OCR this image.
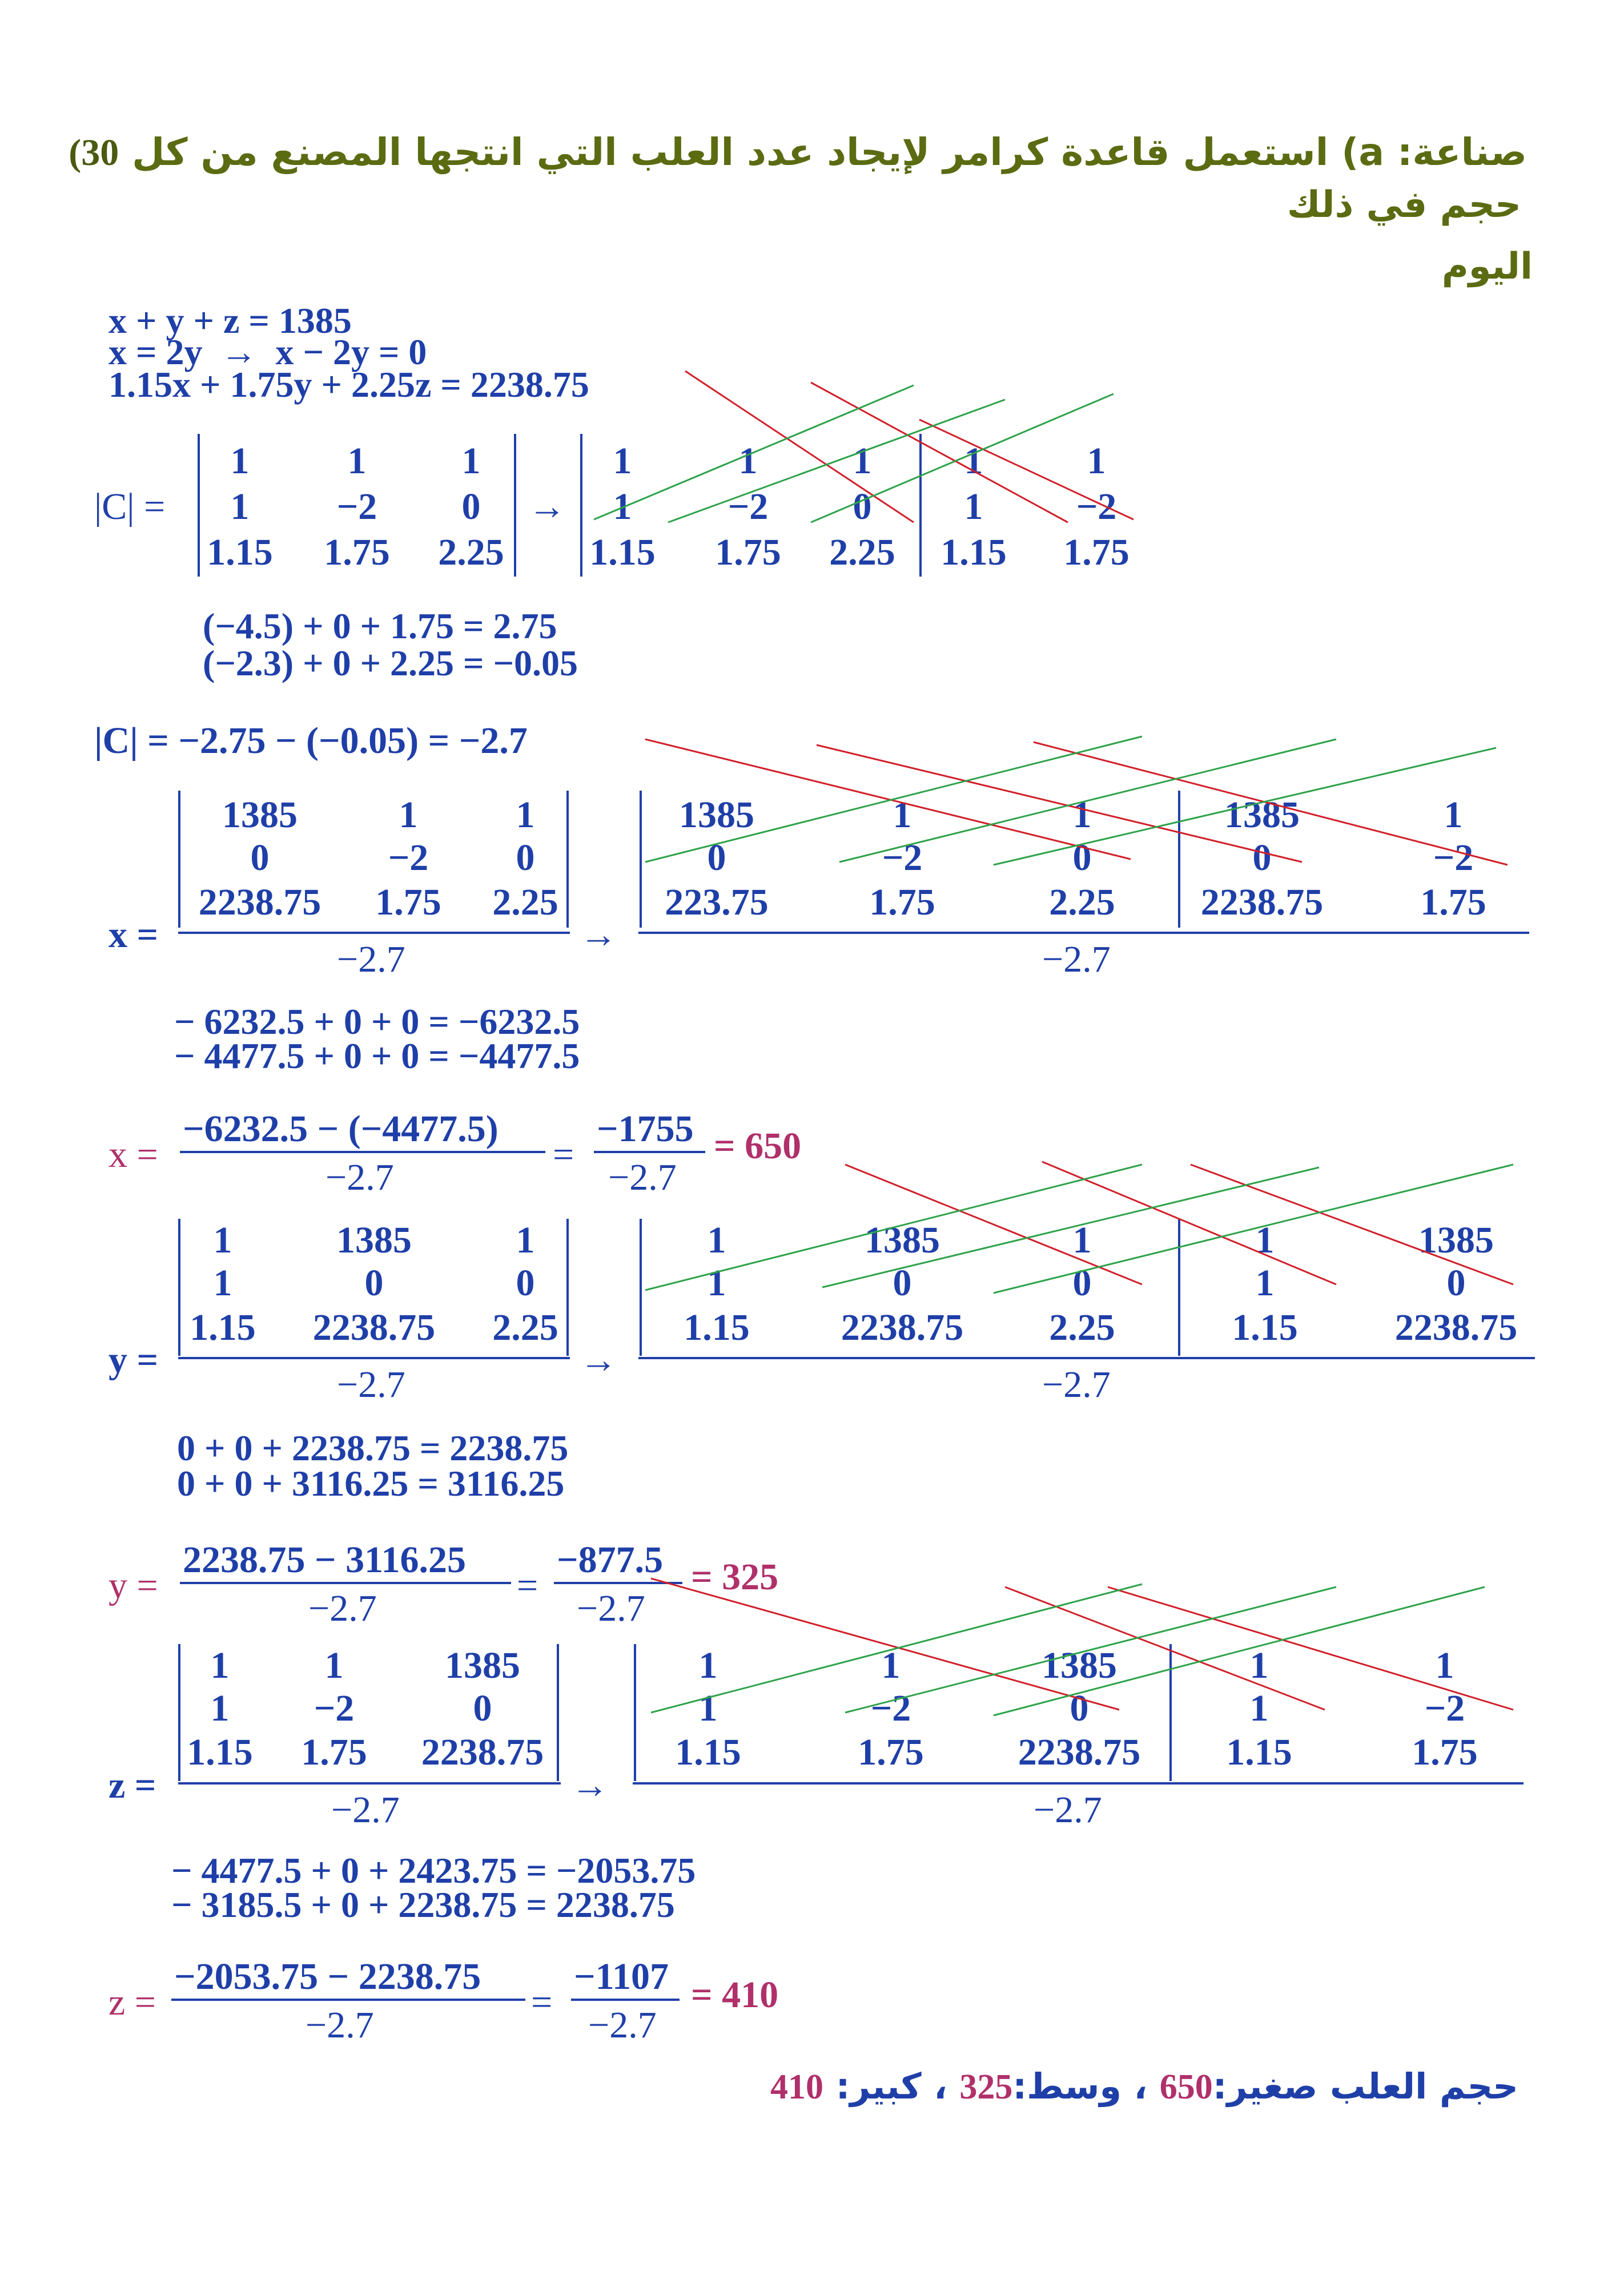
صناعة: a) استعمل قاعدة كرامر لإيجاد عدد العلب التي انتجها المصنع من كل 30)
حجم في ذلك
اليوم
x + y + z = 1385
x = 2y  →  x − 2y = 0
1.15x + 1.75y + 2.25z = 2238.75
|C| =
1	1	1
1 −2 0
1.15 1.75 2.25
→
1	1	1 1	1
1	−2 0 1 −2
1.15 1.75 2.25 1.15 1.75
(−4.5) + 0 + 1.75 = 2.75
(−2.3) + 0 + 2.25 = −0.05
|C| = −2.75 − (−0.05) = −2.7
x =
1385	1	1
0	−2 0
2238.75 1.75 2.25
−2.7
→
1385	1	1	1385	1
0	−2	0	0	−2
223.75	1.75	2.25 2238.75	1.75
−2.7
− 6232.5 + 0 + 0 = −6232.5
− 4477.5 + 0 + 0 = −4477.5
x =
−6232.5 − (−4477.5)
−2.7
=
−1755
−2.7
= 650
y =
1	1385	1
1	0	0
1.15 2238.75 2.25
−2.7
→
1	1385	1	1	1385
1	0	0	1	0
1.15 2238.75 2.25	1.15	2238.75
−2.7
0 + 0 + 2238.75 = 2238.75
0 + 0 + 3116.25 = 3116.25
y =
2238.75 − 3116.25
−2.7
=
−877.5
−2.7
= 325
z =
1	1	1385
1 −2	0
1.15 1.75 2238.75
−2.7
→
1	1	1385	1	1
1	−2	0	1	−2
1.15	1.75	2238.75 1.15	1.75
−2.7
− 4477.5 + 0 + 2423.75 = −2053.75
− 3185.5 + 0 + 2238.75 = 2238.75
z =
−2053.75 − 2238.75
−2.7
=
−1107
−2.7
= 410
حجم العلب صغير:650 ، وسط:325 ، كبير: 410
